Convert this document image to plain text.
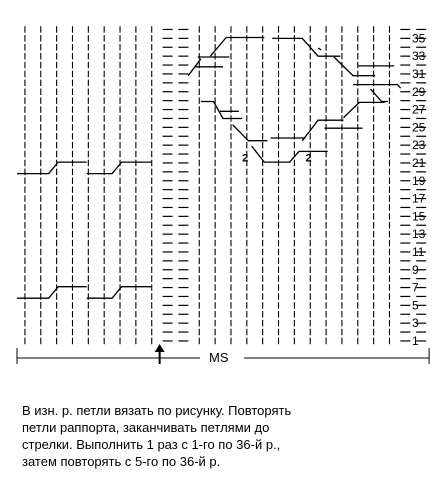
2	2
35
33
31
29
27
25
23
21
19
17
15
13
11
9
7
5
3
1
MS
В изн. р. петли вязать по рисунку. Повторять
петли раппорта, заканчивать петлями до
стрелки. Выполнить 1 раз с 1-го по 36-й р.,
затем повторять с 5-го по 36-й р.
